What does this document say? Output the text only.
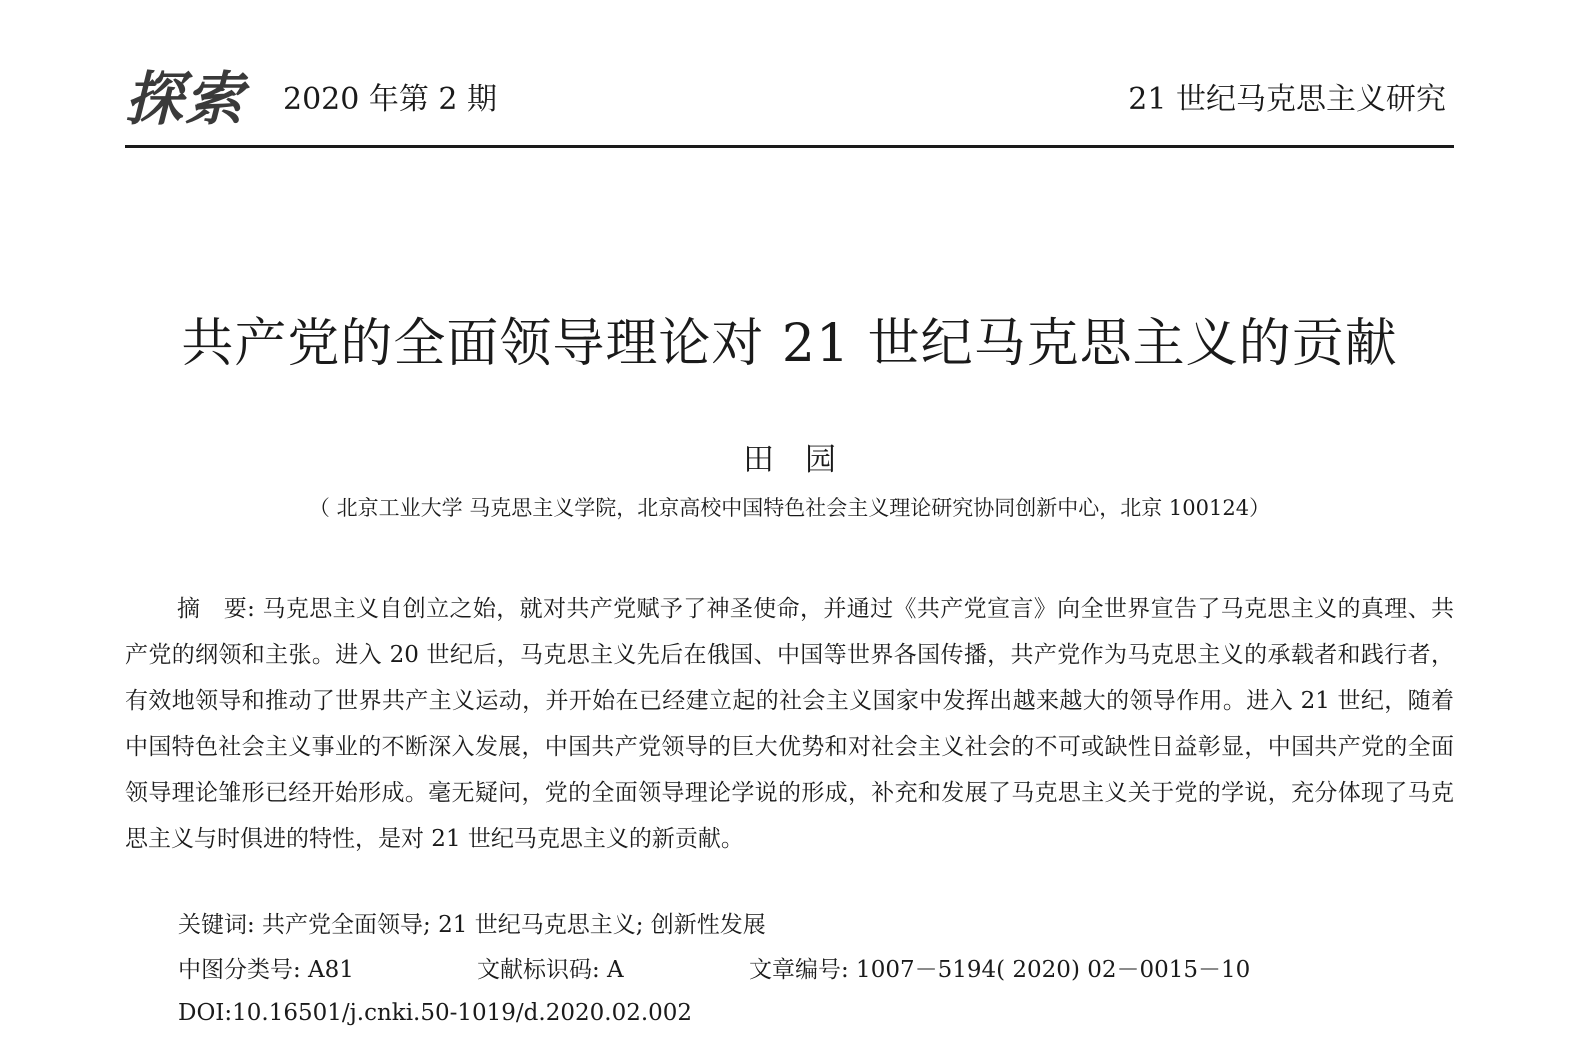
探索 2020 年第 2 期	21 世纪马克思主义研究
共产党的全面领导理论对 21 世纪马克思主义的贡献
田　园
（ 北京工业大学 马克思主义学院，北京高校中国特色社会主义理论研究协同创新中心，北京 100124）
摘　要: 马克思主义自创立之始，就对共产党赋予了神圣使命，并通过《共产党宣言》向全世界宣告了马克思主义的真理、共产党的纲领和主张。进入 20 世纪后，马克思主义先后在俄国、中国等世界各国传播，共产党作为马克思主义的承载者和践行者，有效地领导和推动了世界共产主义运动，并开始在已经建立起的社会主义国家中发挥出越来越大的领导作用。进入 21 世纪，随着中国特色社会主义事业的不断深入发展，中国共产党领导的巨大优势和对社会主义社会的不可或缺性日益彰显，中国共产党的全面领导理论雏形已经开始形成。毫无疑问，党的全面领导理论学说的形成，补充和发展了马克思主义关于党的学说，充分体现了马克思主义与时俱进的特性，是对 21 世纪马克思主义的新贡献。
关键词: 共产党全面领导; 21 世纪马克思主义; 创新性发展
中图分类号: A81	文献标识码: A	文章编号: 1007－5194( 2020) 02－0015－10
DOI:10.16501/j.cnki.50-1019/d.2020.02.002
